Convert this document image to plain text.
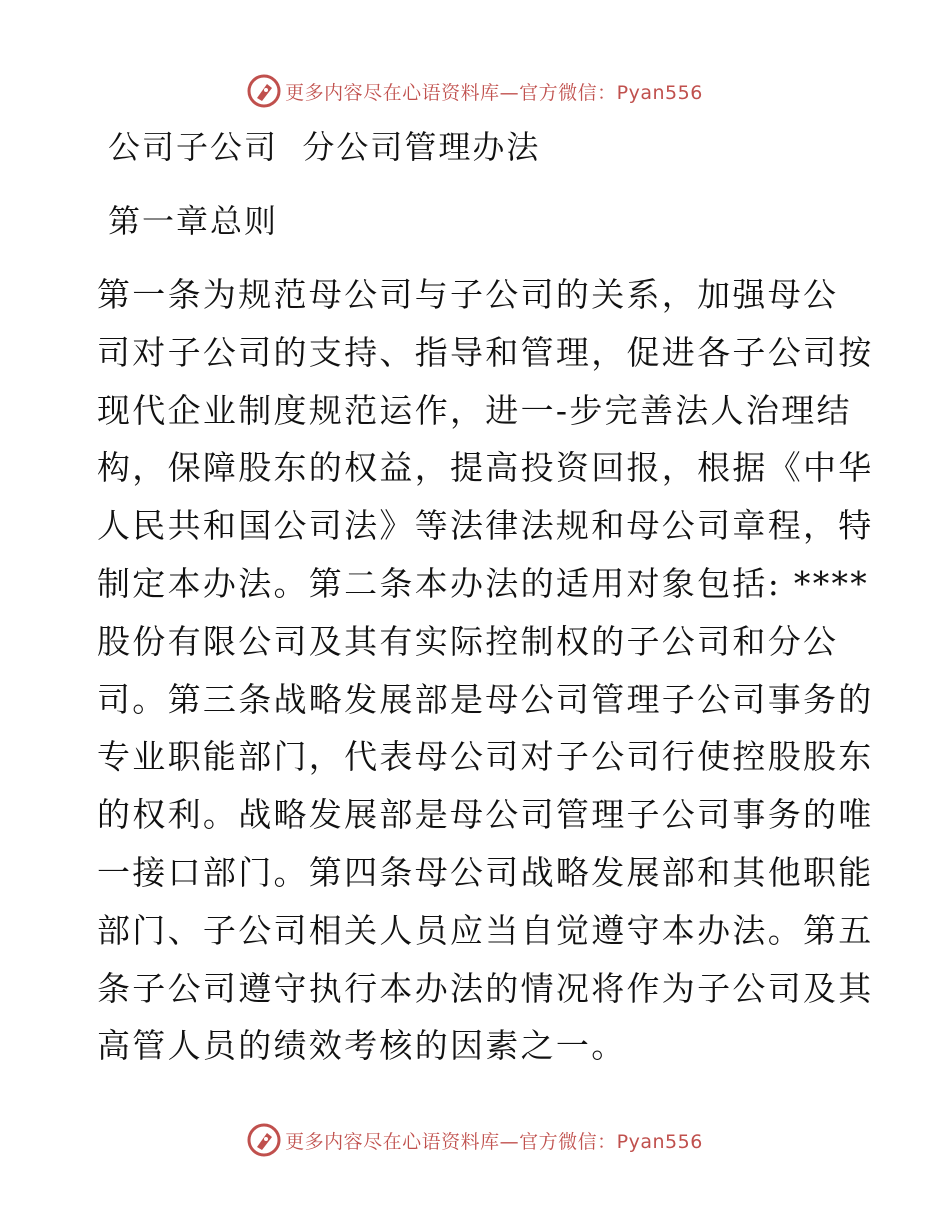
更多内容尽在心语资料库—官方微信：Pyan556
公司子公司  分公司管理办法
第一章总则
第一条为规范母公司与子公司的关系，加强母公
司对子公司的支持、指导和管理，促进各子公司按
现代企业制度规范运作，进一-步完善法人治理结
构，保障股东的权益，提高投资回报，根据《中华
人民共和国公司法》等法律法规和母公司章程，特
制定本办法。第二条本办法的适用对象包括: ****
股份有限公司及其有实际控制权的子公司和分公
司。第三条战略发展部是母公司管理子公司事务的
专业职能部门，代表母公司对子公司行使控股股东
的权利。战略发展部是母公司管理子公司事务的唯
一接口部门。第四条母公司战略发展部和其他职能
部门、子公司相关人员应当自觉遵守本办法。第五
条子公司遵守执行本办法的情况将作为子公司及其
高管人员的绩效考核的因素之一。
更多内容尽在心语资料库—官方微信：Pyan556
